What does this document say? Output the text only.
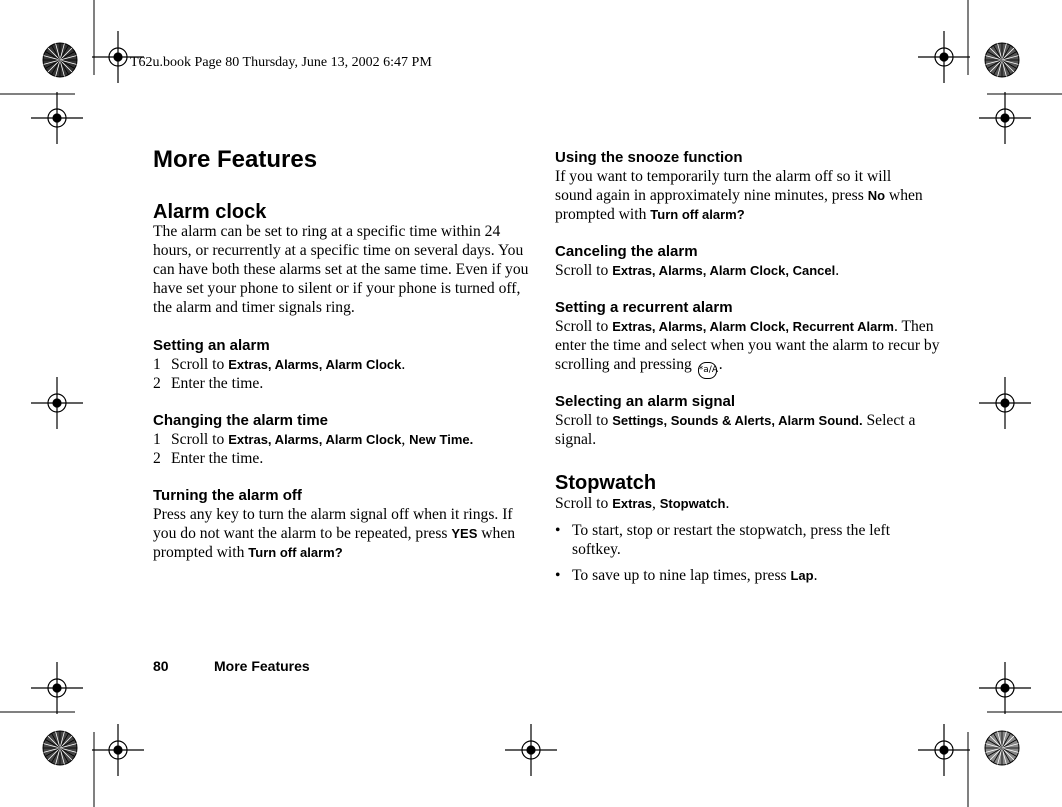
T62u.book Page 80 Thursday, June 13, 2002 6:47 PM
More Features
Alarm clock

The alarm can be set to ring at a specific time within 24 hours, or recurrently at a specific time on several days. You can have both these alarms set at the same time. Even if you have set your phone to silent or if your phone is turned off, the alarm and timer signals ring.

Setting an alarm
1 Scroll to Extras, Alarms, Alarm Clock.
2 Enter the time.
Changing the alarm time
1 Scroll to Extras, Alarms, Alarm Clock, New Time.
2 Enter the time.
Turning the alarm off

Press any key to turn the alarm signal off when it rings. If you do not want the alarm to be repeated, press YES when prompted with Turn off alarm?

Using the snooze function

If you want to temporarily turn the alarm off so it will sound again in approximately nine minutes, press No when prompted with Turn off alarm?

Canceling the alarm

Scroll to Extras, Alarms, Alarm Clock, Cancel.

Setting a recurrent alarm

Scroll to Extras, Alarms, Alarm Clock, Recurrent Alarm. Then enter the time and select when you want the alarm to recur by scrolling and pressing *a/A.

Selecting an alarm signal

Scroll to Settings, Sounds & Alerts, Alarm Sound. Select a signal.

Stopwatch

Scroll to Extras, Stopwatch.

• To start, stop or restart the stopwatch, press the left softkey.
• To save up to nine lap times, press Lap.
80	More Features
